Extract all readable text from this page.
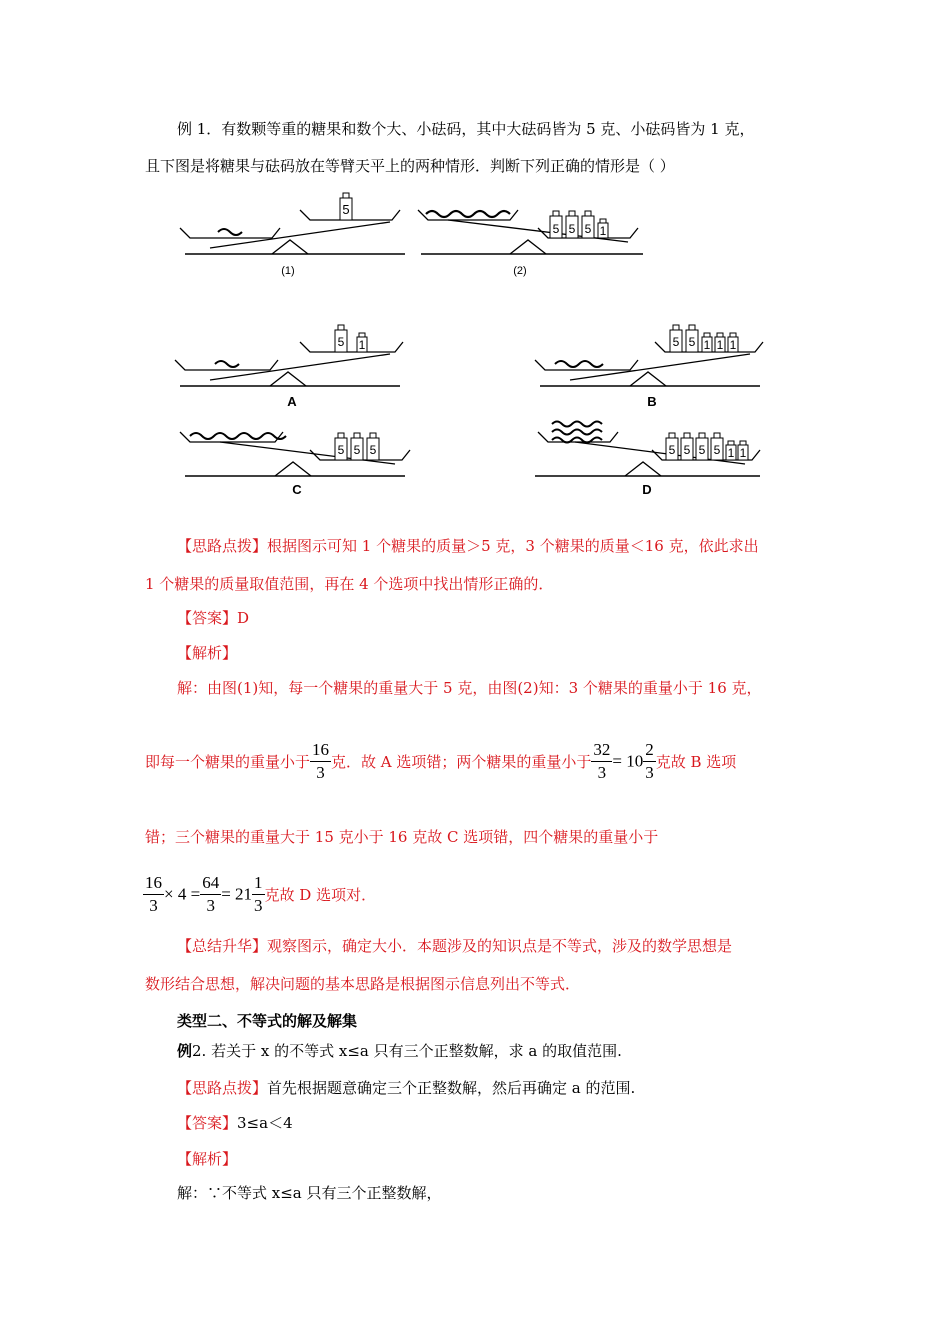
例 1．有数颗等重的糖果和数个大、小砝码，其中大砝码皆为 5 克、小砝码皆为 1 克，
且下图是将糖果与砝码放在等臂天平上的两种情形．判断下列正确的情形是（ ）
5
(1)
5 5 5 1
(2)
5 1
A
5 5 1 1 1
B
5 5 5
C
5 5 5 5 1 1
D
【思路点拨】根据图示可知 1 个糖果的质量＞5 克，3 个糖果的质量＜16 克，依此求出
1 个糖果的质量取值范围，再在 4 个选项中找出情形正确的．
【答案】D
【解析】
解：由图(1)知，每一个糖果的重量大于 5 克，由图(2)知：3 个糖果的重量小于 16 克，
即每一个糖果的重量小于 $\frac{16}{3}$ 克．故 A 选项错；两个糖果的重量小于 $\frac{32}{3} = 10 \frac{2}{3}$ 克故 B 选项
错；三个糖果的重量大于 15 克小于 16 克故 C 选项错，四个糖果的重量小于
$\frac{16}{3} \times 4 = \frac{64}{3} = 21 \frac{1}{3}$ 克故 D 选项对．
【总结升华】观察图示，确定大小．本题涉及的知识点是不等式，涉及的数学思想是
数形结合思想，解决问题的基本思路是根据图示信息列出不等式．
类型二、不等式的解及解集
例2. 若关于 x 的不等式 x≤a 只有三个正整数解，求 a 的取值范围.
【思路点拨】首先根据题意确定三个正整数解，然后再确定 a 的范围.
【答案】3≤a＜4
【解析】
解：∵不等式 x≤a 只有三个正整数解，
